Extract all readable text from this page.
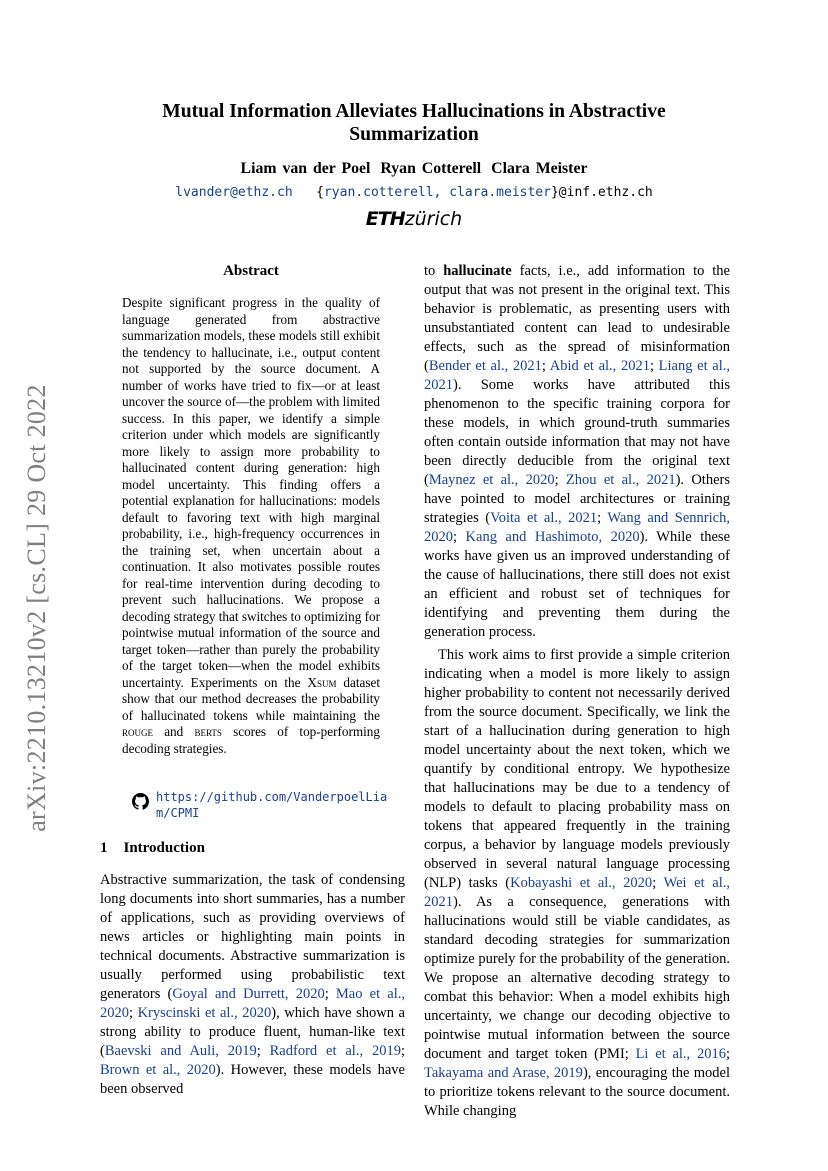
arXiv:2210.13210v2 [cs.CL] 29 Oct 2022
Mutual Information Alleviates Hallucinations in Abstractive Summarization
Liam van der Poel Ryan Cotterell Clara Meister
lvander@ethz.ch {ryan.cotterell, clara.meister}@inf.ethz.ch
ETHzürich
Abstract
Despite significant progress in the quality of language generated from abstractive summarization models, these models still exhibit the tendency to hallucinate, i.e., output content not supported by the source document. A number of works have tried to fix—or at least uncover the source of—the problem with limited success. In this paper, we identify a simple criterion under which models are significantly more likely to assign more probability to hallucinated content during generation: high model uncertainty. This finding offers a potential explanation for hallucinations: models default to favoring text with high marginal probability, i.e., high-frequency occurrences in the training set, when uncertain about a continuation. It also motivates possible routes for real-time intervention during decoding to prevent such hallucinations. We propose a decoding strategy that switches to optimizing for pointwise mutual information of the source and target token—rather than purely the probability of the target token—when the model exhibits uncertainty. Experiments on the Xsum dataset show that our method decreases the probability of hallucinated tokens while maintaining the rouge and berts scores of top-performing decoding strategies.
https://github.com/VanderpoelLiam/CPMI
1 Introduction
Abstractive summarization, the task of condensing long documents into short summaries, has a number of applications, such as providing overviews of news articles or highlighting main points in technical documents. Abstractive summarization is usually performed using probabilistic text generators (Goyal and Durrett, 2020; Mao et al., 2020; Kryscinski et al., 2020), which have shown a strong ability to produce fluent, human-like text (Baevski and Auli, 2019; Radford et al., 2019; Brown et al., 2020). However, these models have been observed

to hallucinate facts, i.e., add information to the output that was not present in the original text. This behavior is problematic, as presenting users with unsubstantiated content can lead to undesirable effects, such as the spread of misinformation (Bender et al., 2021; Abid et al., 2021; Liang et al., 2021). Some works have attributed this phenomenon to the specific training corpora for these models, in which ground-truth summaries often contain outside information that may not have been directly deducible from the original text (Maynez et al., 2020; Zhou et al., 2021). Others have pointed to model architectures or training strategies (Voita et al., 2021; Wang and Sennrich, 2020; Kang and Hashimoto, 2020). While these works have given us an improved understanding of the cause of hallucinations, there still does not exist an efficient and robust set of techniques for identifying and preventing them during the generation process.

This work aims to first provide a simple criterion indicating when a model is more likely to assign higher probability to content not necessarily derived from the source document. Specifically, we link the start of a hallucination during generation to high model uncertainty about the next token, which we quantify by conditional entropy. We hypothesize that hallucinations may be due to a tendency of models to default to placing probability mass on tokens that appeared frequently in the training corpus, a behavior by language models previously observed in several natural language processing (NLP) tasks (Kobayashi et al., 2020; Wei et al., 2021). As a consequence, generations with hallucinations would still be viable candidates, as standard decoding strategies for summarization optimize purely for the probability of the generation. We propose an alternative decoding strategy to combat this behavior: When a model exhibits high uncertainty, we change our decoding objective to pointwise mutual information between the source document and target token (PMI; Li et al., 2016; Takayama and Arase, 2019), encouraging the model to prioritize tokens relevant to the source document. While changing
